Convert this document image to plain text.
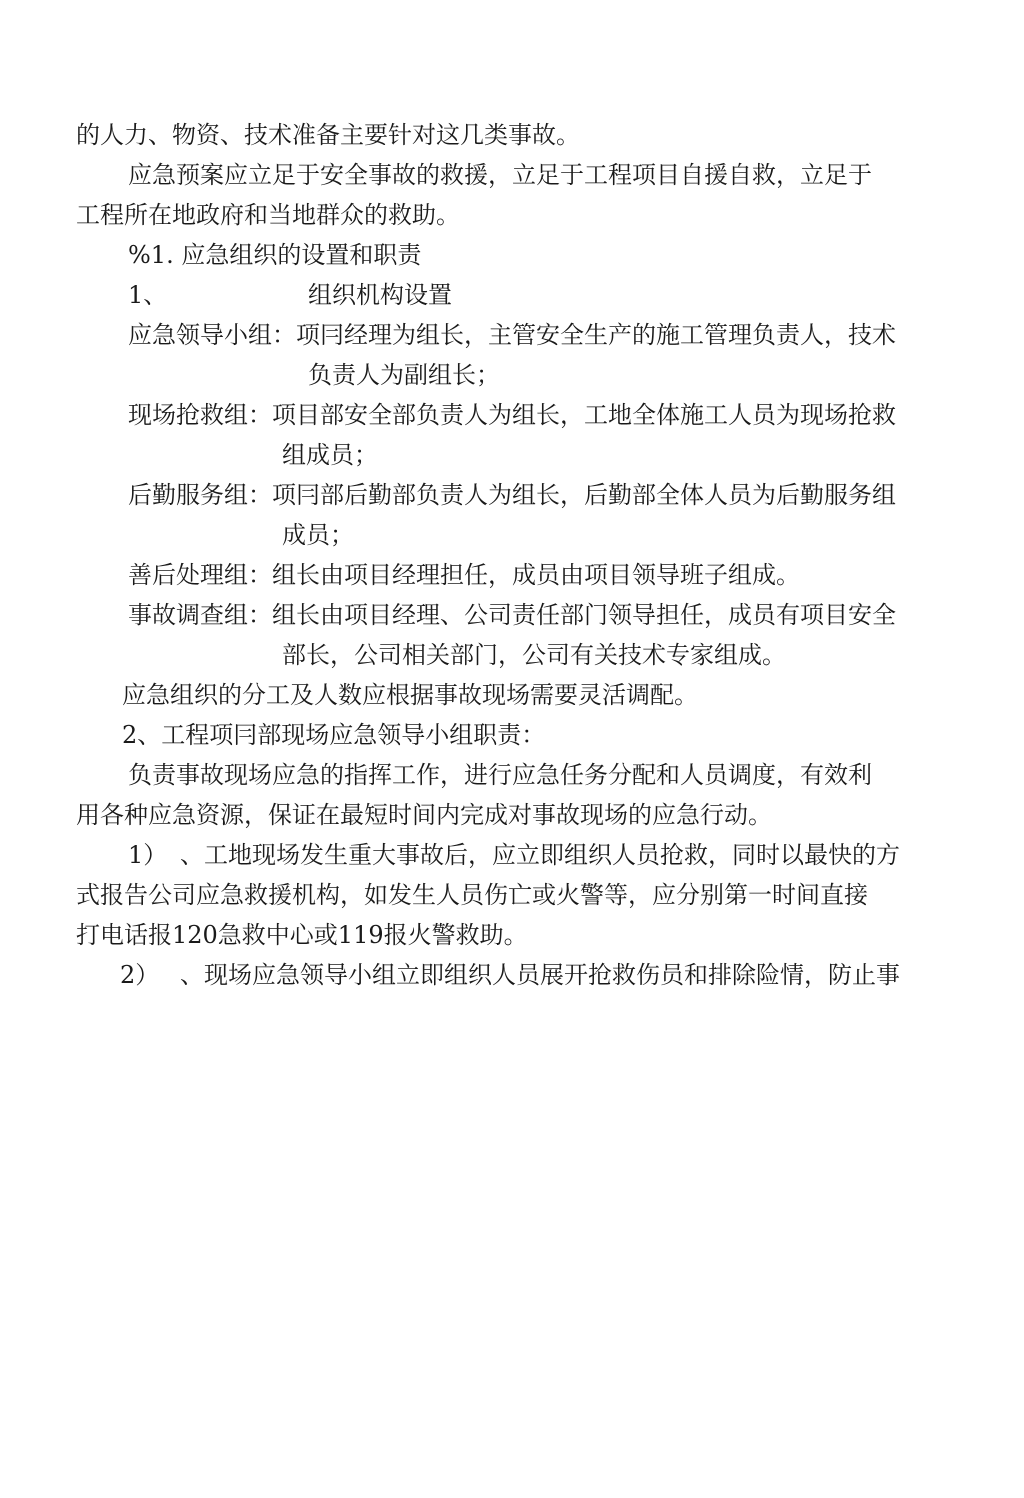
的人力、物资、技术准备主要针对这几类事故。
应急预案应立足于安全事故的救援，立足于工程项目自援自救，立足于
工程所在地政府和当地群众的救助。
%1. 应急组织的设置和职责
1、	组织机构设置
应急领导小组：项冃经理为组长，主管安全生产的施工管理负责人，技术
负责人为副组长；
现场抢救组：项目部安全部负责人为组长，工地全体施工人员为现场抢救
组成员；
后勤服务组：项冃部后勤部负责人为组长，后勤部全体人员为后勤服务组
成员；
善后处理组：组长由项目经理担任，成员由项目领导班子组成。
事故调查组：组长由项目经理、公司责任部门领导担任，成员有项目安全
部长，公司相关部门，公司有关技术专家组成。
应急组织的分工及人数应根据事故现场需要灵活调配。
2、工程项冃部现场应急领导小组职责：
负责事故现场应急的指挥工作，进行应急任务分配和人员调度，有效利
用各种应急资源，保证在最短时间内完成对事故现场的应急行动。
1） 、工地现场发生重大事故后，应立即组织人员抢救，同时以最快的方
式报告公司应急救援机构，如发生人员伤亡或火警等，应分别第一时间直接
打电话报120急救中心或119报火警救助。
2） 、现场应急领导小组立即组织人员展开抢救伤员和排除险情，防止事
